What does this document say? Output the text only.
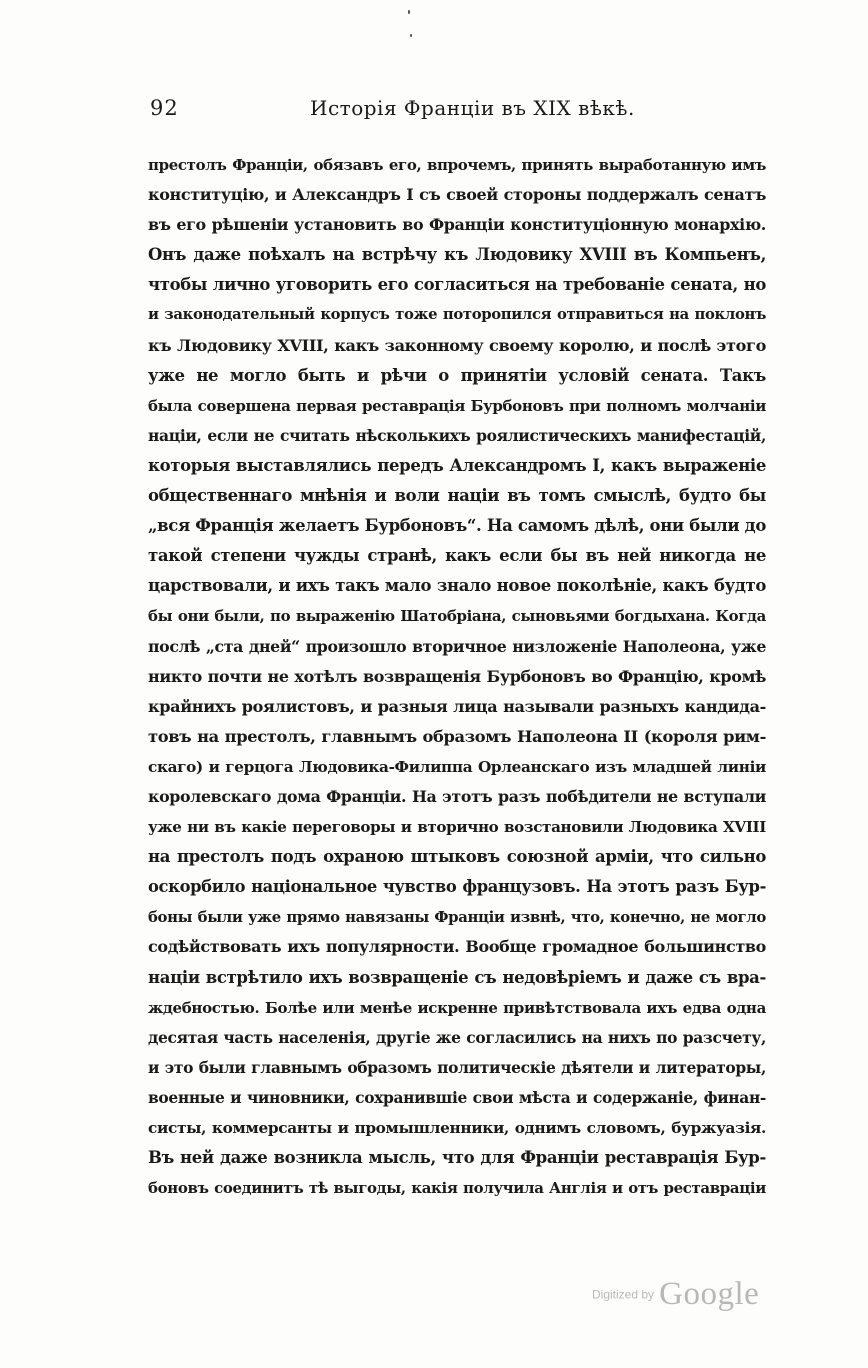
92	Исторія Франціи въ XIX вѣкѣ.
престолъ Франціи, обязавъ его, впрочемъ, принять выработанную имъ
конституцію, и Александръ I съ своей стороны поддержалъ сенатъ
въ его рѣшеніи установить во Франціи конституціонную монархію.
Онъ даже поѣхалъ на встрѣчу къ Людовику XVIII въ Компьенъ,
чтобы лично уговорить его согласиться на требованіе сената, но
и законодательный корпусъ тоже поторопился отправиться на поклонъ
къ Людовику XVIII, какъ законному своему королю, и послѣ этого
уже не могло быть и рѣчи о принятіи условій сената. Такъ
была совершена первая реставрація Бурбоновъ при полномъ молчаніи
націи, если не считать нѣсколькихъ роялистическихъ манифестацій,
которыя выставлялись передъ Александромъ I, какъ выраженіе
общественнаго мнѣнія и воли націи въ томъ смыслѣ, будто бы
„вся Франція желаетъ Бурбоновъ“. На самомъ дѣлѣ, они были до
такой степени чужды странѣ, какъ если бы въ ней никогда не
царствовали, и ихъ такъ мало знало новое поколѣніе, какъ будто
бы они были, по выраженію Шатобріана, сыновьями богдыхана. Когда
послѣ „ста дней“ произошло вторичное низложеніе Наполеона, уже
никто почти не хотѣлъ возвращенія Бурбоновъ во Францію, кромѣ
крайнихъ роялистовъ, и разныя лица называли разныхъ кандида-
товъ на престолъ, главнымъ образомъ Наполеона II (короля рим-
скаго) и герцога Людовика-Филиппа Орлеанскаго изъ младшей линіи
королевскаго дома Франціи. На этотъ разъ побѣдители не вступали
уже ни въ какіе переговоры и вторично возстановили Людовика XVIII
на престолъ подъ охраною штыковъ союзной арміи, что сильно
оскорбило національное чувство французовъ. На этотъ разъ Бур-
боны были уже прямо навязаны Франціи извнѣ, что, конечно, не могло
содѣйствовать ихъ популярности. Вообще громадное большинство
націи встрѣтило ихъ возвращеніе съ недовѣріемъ и даже съ вра-
ждебностью. Болѣе или менѣе искренне привѣтствовала ихъ едва одна
десятая часть населенія, другіе же согласились на нихъ по разсчету,
и это были главнымъ образомъ политическіе дѣятели и литераторы,
военные и чиновники, сохранившіе свои мѣста и содержаніе, финан-
систы, коммерсанты и промышленники, однимъ словомъ, буржуазія.
Въ ней даже возникла мысль, что для Франціи реставрація Бур-
боновъ соединитъ тѣ выгоды, какія получила Англія и отъ реставраціи
Digitized by Google
